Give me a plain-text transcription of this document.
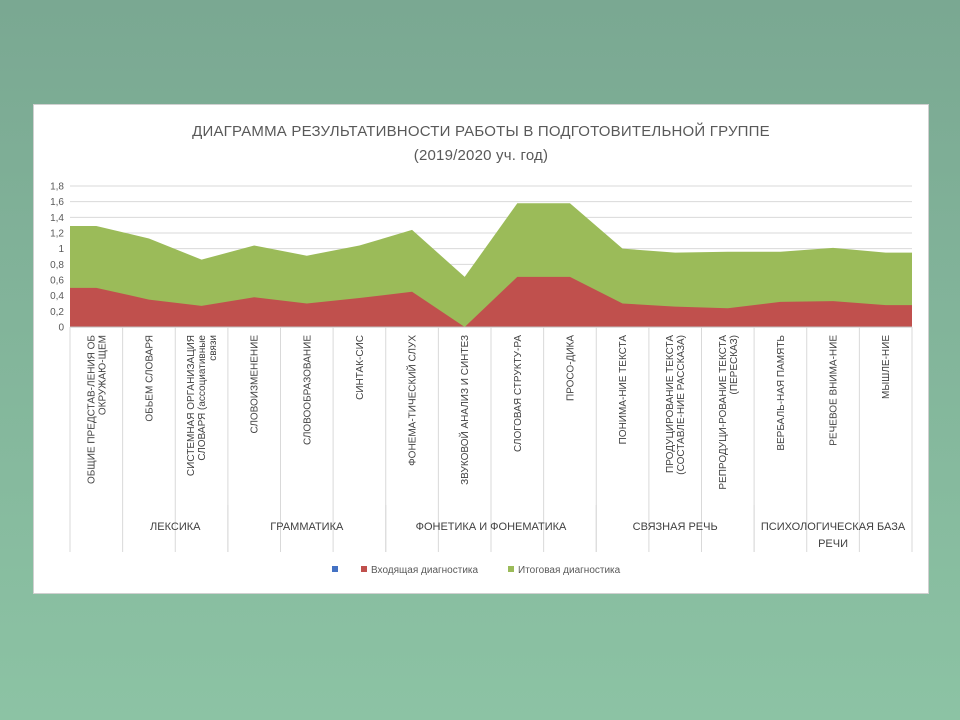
ДИАГРАММА РЕЗУЛЬТАТИВНОСТИ РАБОТЫ В ПОДГОТОВИТЕЛЬНОЙ ГРУППЕ
(2019/2020 уч. год)
0
0,2
0,4
0,6
0,8
1
1,2
1,4
1,6
1,8
ОБЩИЕ ПРЕДСТАВ-ЛЕНИЯ ОБОКРУЖАЮ-ЩЕМ	ОБЬЕМ СЛОВАРЯ	СИСТЕМНАЯ ОРГАНИЗАЦИЯСЛОВАРЯ (ассоциативныесвязи	СЛОВОИЗМЕНЕНИЕ	СЛОВООБРАЗОВАНИЕ	СИНТАК-СИС	ФОНЕМА-ТИЧЕСКИЙ СЛУХ	ЗВУКОВОЙ АНАЛИЗ И СИНТЕЗ	СЛОГОВАЯ СТРУКТУ-РА	ПРОСО-ДИКА	ПОНИМА-НИЕ ТЕКСТА	ПРОДУЦИРОВАНИЕ ТЕКСТА(СОСТАВЛЕ-НИЕ РАССКАЗА)	РЕПРОДУЦИ-РОВАНИЕ ТЕКСТА(ПЕРЕСКАЗ)	ВЕРБАЛЬ-НАЯ ПАМЯТЬ	РЕЧЕВОЕ ВНИМА-НИЕ	МЫШЛЕ-НИЕ
ЛЕКСИКА	ГРАММАТИКА	ФОНЕТИКА И ФОНЕМАТИКА	СВЯЗНАЯ РЕЧЬ	ПСИХОЛОГИЧЕСКАЯ БАЗА РЕЧИ
Входящая диагностика	Итоговая диагностика
